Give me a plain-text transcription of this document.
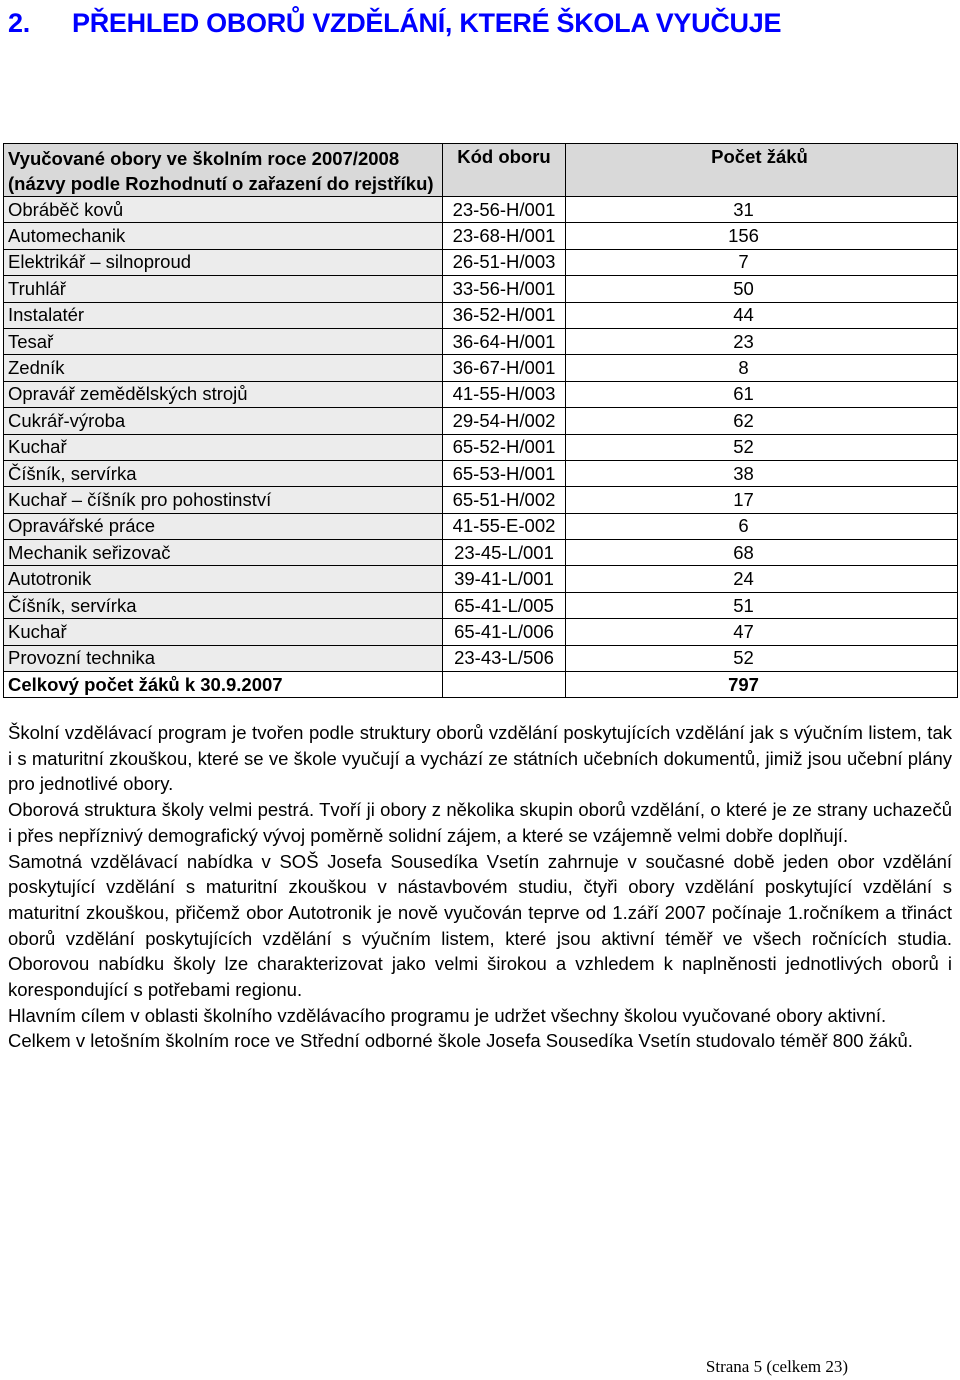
2. PŘEHLED OBORŮ VZDĚLÁNÍ, KTERÉ ŠKOLA VYUČUJE
Vyučované obory ve školním roce 2007/2008
(názvy podle Rozhodnutí o zařazení do rejstříku)	Kód oboru	Počet žáků
Obráběč kovů	23-56-H/001	31
Automechanik	23-68-H/001	156
Elektrikář – silnoproud	26-51-H/003	7
Truhlář	33-56-H/001	50
Instalatér	36-52-H/001	44
Tesař	36-64-H/001	23
Zedník	36-67-H/001	8
Opravář zemědělských strojů	41-55-H/003	61
Cukrář-výroba	29-54-H/002	62
Kuchař	65-52-H/001	52
Číšník, servírka	65-53-H/001	38
Kuchař – číšník pro pohostinství	65-51-H/002	17
Opravářské práce	41-55-E-002	6
Mechanik seřizovač	23-45-L/001	68
Autotronik	39-41-L/001	24
Číšník, servírka	65-41-L/005	51
Kuchař	65-41-L/006	47
Provozní technika	23-43-L/506	52
Celkový počet žáků k 30.9.2007		797

Školní vzdělávací program je tvořen podle struktury oborů vzdělání poskytujících vzdělání jak s výučním listem, tak i s maturitní zkouškou, které se ve škole vyučují a vychází ze státních učebních dokumentů, jimiž jsou učební plány pro jednotlivé obory.

Oborová struktura školy velmi pestrá. Tvoří ji obory z několika skupin oborů vzdělání, o které je ze strany uchazečů i přes nepříznivý demografický vývoj poměrně solidní zájem, a které se vzájemně velmi dobře doplňují.

Samotná vzdělávací nabídka v SOŠ Josefa Sousedíka Vsetín zahrnuje v současné době jeden obor vzdělání poskytující vzdělání s maturitní zkouškou v nástavbovém studiu, čtyři obory vzdělání poskytující vzdělání s maturitní zkouškou, přičemž obor Autotronik je nově vyučován teprve od 1.září 2007 počínaje 1.ročníkem a třináct oborů vzdělání poskytujících vzdělání s výučním listem, které jsou aktivní téměř ve všech ročnících studia. Oborovou nabídku školy lze charakterizovat jako velmi širokou a vzhledem k naplněnosti jednotlivých oborů i korespondující s potřebami regionu.

Hlavním cílem v oblasti školního vzdělávacího programu je udržet všechny školou vyučované obory aktivní.

Celkem v letošním školním roce ve Střední odborné škole Josefa Sousedíka Vsetín studovalo téměř 800 žáků.

Strana 5 (celkem 23)
